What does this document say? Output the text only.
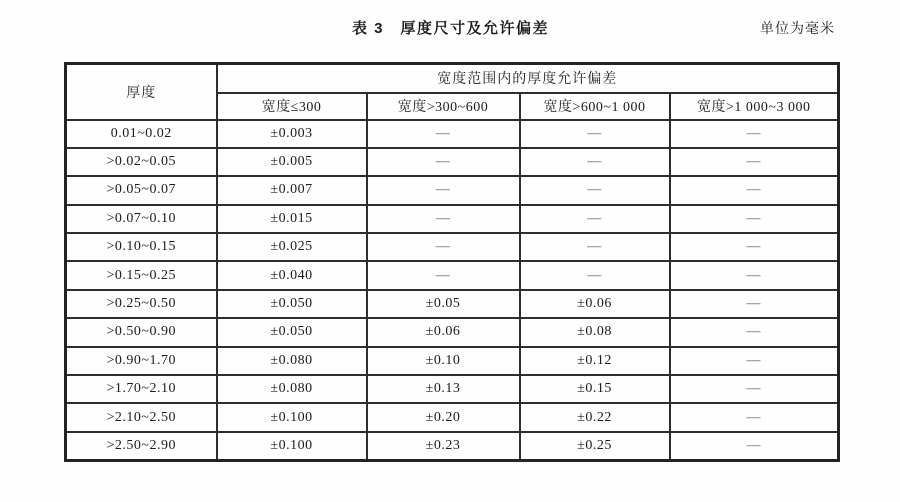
表 3　厚度尺寸及允许偏差	单位为毫米
厚度	宽度范围内的厚度允许偏差			
	宽度≤300	宽度>300~600	宽度>600~1 000	宽度>1 000~3 000
0.01~0.02	±0.003	—	—	—
>0.02~0.05	±0.005	—	—	—
>0.05~0.07	±0.007	—	—	—
>0.07~0.10	±0.015	—	—	—
>0.10~0.15	±0.025	—	—	—
>0.15~0.25	±0.040	—	—	—
>0.25~0.50	±0.050	±0.05	±0.06	—
>0.50~0.90	±0.050	±0.06	±0.08	—
>0.90~1.70	±0.080	±0.10	±0.12	—
>1.70~2.10	±0.080	±0.13	±0.15	—
>2.10~2.50	±0.100	±0.20	±0.22	—
>2.50~2.90	±0.100	±0.23	±0.25	—
